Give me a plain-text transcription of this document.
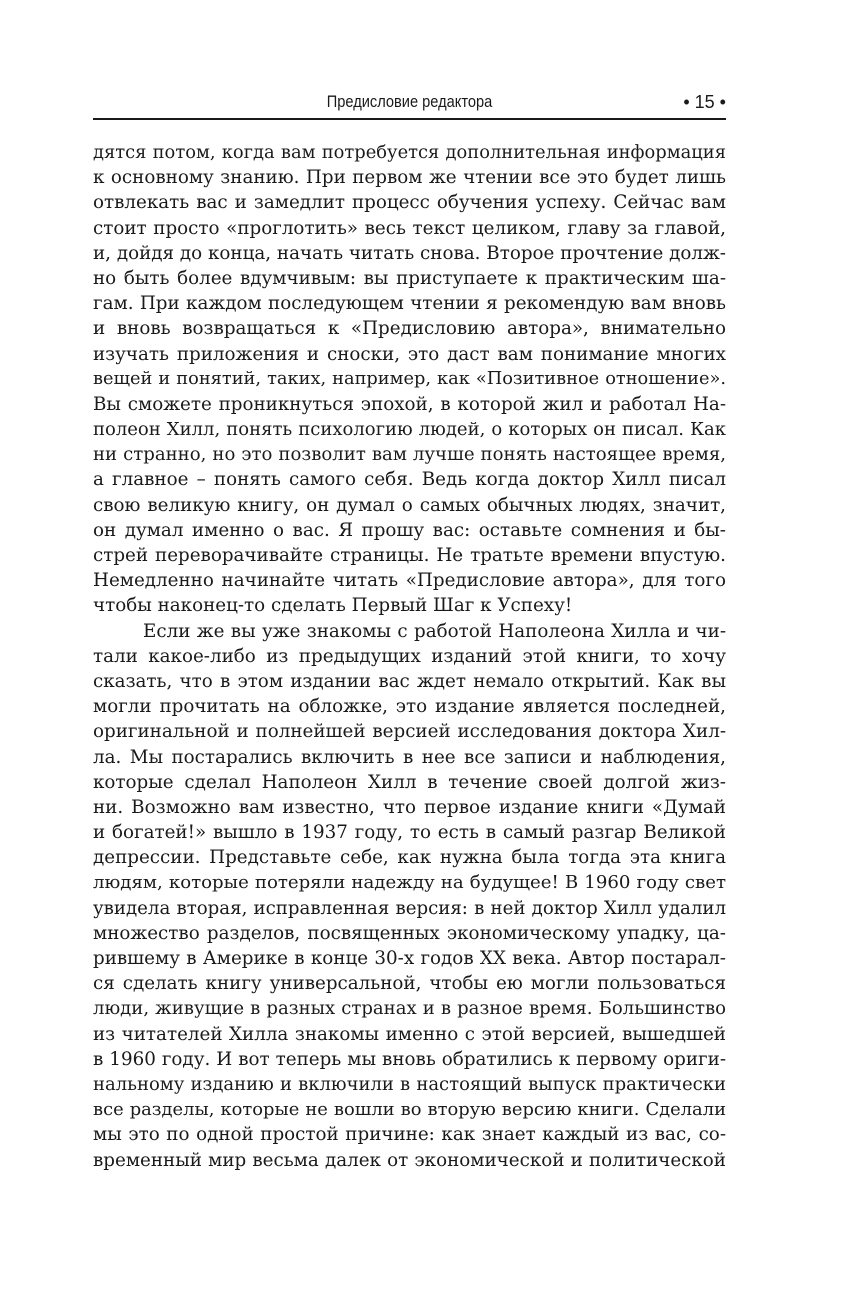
Предисловие редактора	• 15 •
дятся потом, когда вам потребуется дополнительная информация
к основному знанию. При первом же чтении все это будет лишь
отвлекать вас и замедлит процесс обучения успеху. Сейчас вам
стоит просто «проглотить» весь текст целиком, главу за главой,
и, дойдя до конца, начать читать снова. Второе прочтение долж-
но быть более вдумчивым: вы приступаете к практическим ша-
гам. При каждом последующем чтении я рекомендую вам вновь
и вновь возвращаться к «Предисловию автора», внимательно
изучать приложения и сноски, это даст вам понимание многих
вещей и понятий, таких, например, как «Позитивное отношение».
Вы сможете проникнуться эпохой, в которой жил и работал На-
полеон Хилл, понять психологию людей, о которых он писал. Как
ни странно, но это позволит вам лучше понять настоящее время,
а главное – понять самого себя. Ведь когда доктор Хилл писал
свою великую книгу, он думал о самых обычных людях, значит,
он думал именно о вас. Я прошу вас: оставьте сомнения и бы-
стрей переворачивайте страницы. Не тратьте времени впустую.
Немедленно начинайте читать «Предисловие автора», для того
чтобы наконец-то сделать Первый Шаг к Успеху!
Если же вы уже знакомы с работой Наполеона Хилла и чи-
тали какое-либо из предыдущих изданий этой книги, то хочу
сказать, что в этом издании вас ждет немало открытий. Как вы
могли прочитать на обложке, это издание является последней,
оригинальной и полнейшей версией исследования доктора Хил-
ла. Мы постарались включить в нее все записи и наблюдения,
которые сделал Наполеон Хилл в течение своей долгой жиз-
ни. Возможно вам известно, что первое издание книги «Думай
и богатей!» вышло в 1937 году, то есть в самый разгар Великой
депрессии. Представьте себе, как нужна была тогда эта книга
людям, которые потеряли надежду на будущее! В 1960 году свет
увидела вторая, исправленная версия: в ней доктор Хилл удалил
множество разделов, посвященных экономическому упадку, ца-
рившему в Америке в конце 30-х годов XX века. Автор постарал-
ся сделать книгу универсальной, чтобы ею могли пользоваться
люди, живущие в разных странах и в разное время. Большинство
из читателей Хилла знакомы именно с этой версией, вышедшей
в 1960 году. И вот теперь мы вновь обратились к первому ориги-
нальному изданию и включили в настоящий выпуск практически
все разделы, которые не вошли во вторую версию книги. Сделали
мы это по одной простой причине: как знает каждый из вас, со-
временный мир весьма далек от экономической и политической
